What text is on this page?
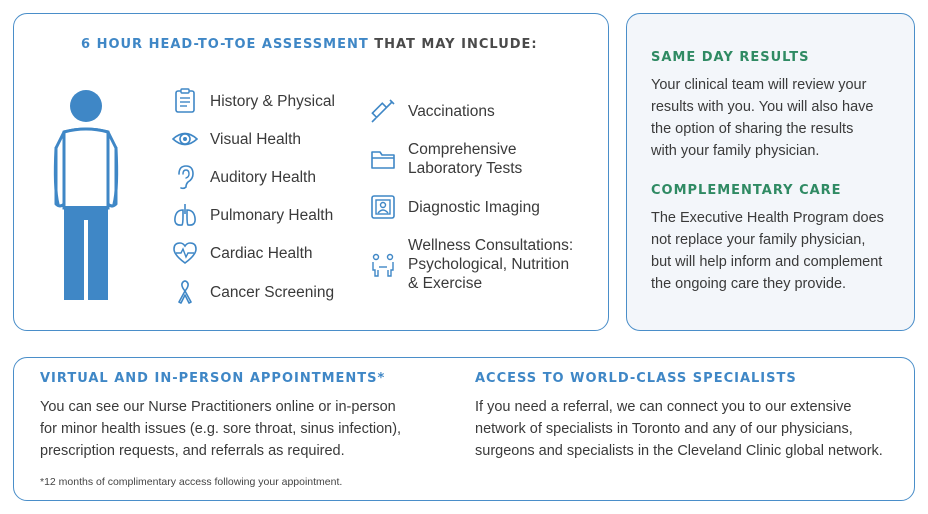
6 HOUR HEAD-TO-TOE ASSESSMENT THAT MAY INCLUDE:
History & Physical
Visual Health
Auditory Health
Pulmonary Health
Cardiac Health
Cancer Screening
Vaccinations
Comprehensive
Laboratory Tests
Diagnostic Imaging
Wellness Consultations:
Psychological, Nutrition
& Exercise
SAME DAY RESULTS
Your clinical team will review your
results with you. You will also have
the option of sharing the results
with your family physician.
COMPLEMENTARY CARE
The Executive Health Program does
not replace your family physician,
but will help inform and complement
the ongoing care they provide.
VIRTUAL AND IN-PERSON APPOINTMENTS*
You can see our Nurse Practitioners online or in-person
for minor health issues (e.g. sore throat, sinus infection),
prescription requests, and referrals as required.
*12 months of complimentary access following your appointment.
ACCESS TO WORLD-CLASS SPECIALISTS
If you need a referral, we can connect you to our extensive
network of specialists in Toronto and any of our physicians,
surgeons and specialists in the Cleveland Clinic global network.
